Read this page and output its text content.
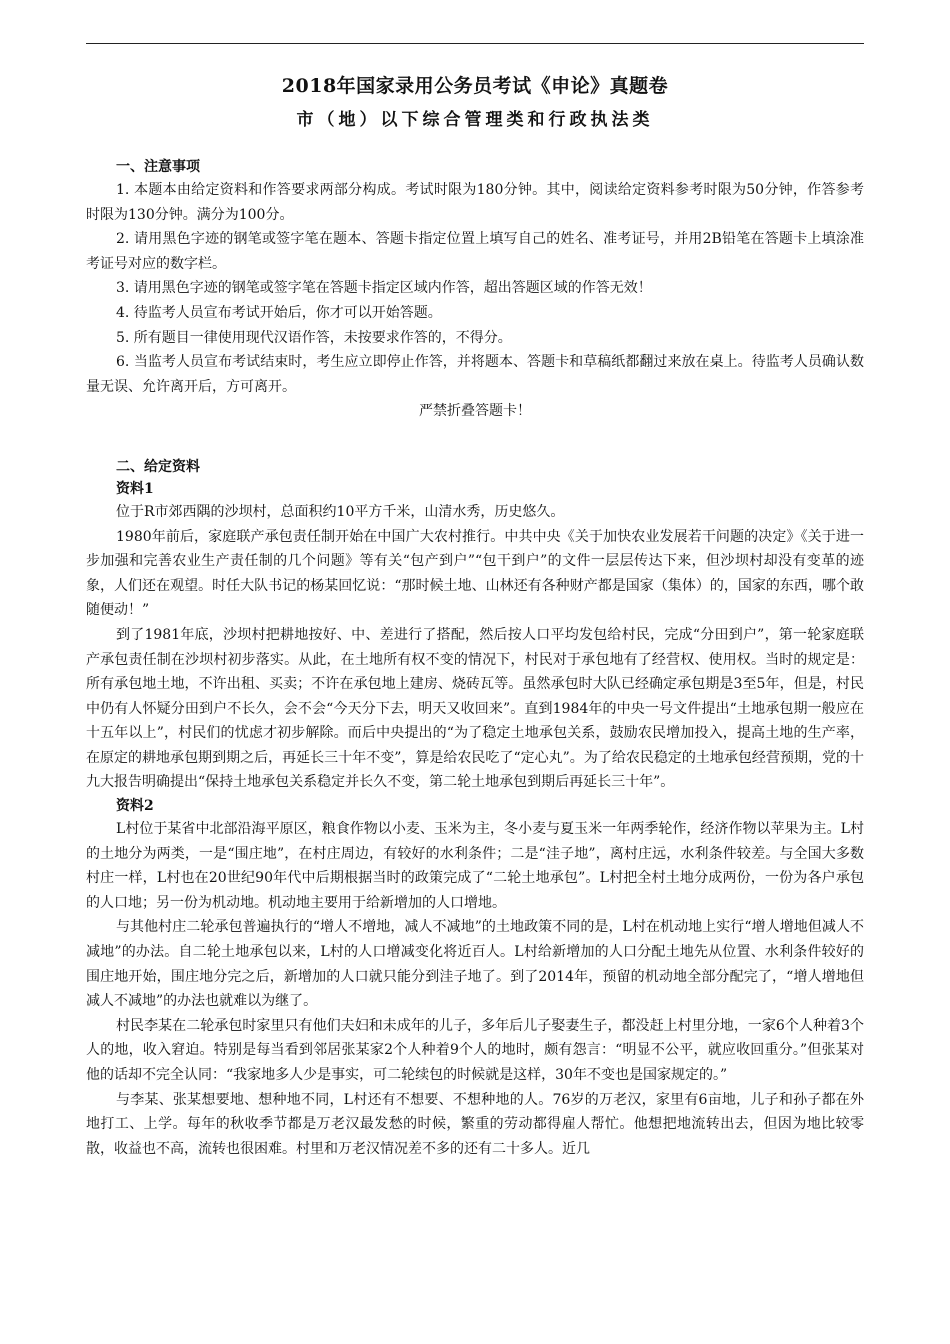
2018年国家录用公务员考试《申论》真题卷
市（地）以下综合管理类和行政执法类
一、注意事项

1. 本题本由给定资料和作答要求两部分构成。考试时限为180分钟。其中，阅读给定资料参考时限为50分钟，作答参考时限为130分钟。满分为100分。

2. 请用黑色字迹的钢笔或签字笔在题本、答题卡指定位置上填写自己的姓名、准考证号，并用2B铅笔在答题卡上填涂准考证号对应的数字栏。

3. 请用黑色字迹的钢笔或签字笔在答题卡指定区域内作答，超出答题区域的作答无效！

4. 待监考人员宣布考试开始后，你才可以开始答题。

5. 所有题目一律使用现代汉语作答，未按要求作答的，不得分。

6. 当监考人员宣布考试结束时，考生应立即停止作答，并将题本、答题卡和草稿纸都翻过来放在桌上。待监考人员确认数量无误、允许离开后，方可离开。

严禁折叠答题卡！

二、给定资料
资料1

位于R市郊西隅的沙坝村，总面积约10平方千米，山清水秀，历史悠久。

1980年前后，家庭联产承包责任制开始在中国广大农村推行。中共中央《关于加快农业发展若干问题的决定》《关于进一步加强和完善农业生产责任制的几个问题》等有关“包产到户”“包干到户”的文件一层层传达下来，但沙坝村却没有变革的迹象，人们还在观望。时任大队书记的杨某回忆说：“那时候土地、山林还有各种财产都是国家（集体）的，国家的东西，哪个敢随便动！”

到了1981年底，沙坝村把耕地按好、中、差进行了搭配，然后按人口平均发包给村民，完成“分田到户”，第一轮家庭联产承包责任制在沙坝村初步落实。从此，在土地所有权不变的情况下，村民对于承包地有了经营权、使用权。当时的规定是：所有承包地土地，不许出租、买卖；不许在承包地上建房、烧砖瓦等。虽然承包时大队已经确定承包期是3至5年，但是，村民中仍有人怀疑分田到户不长久，会不会“今天分下去，明天又收回来”。直到1984年的中央一号文件提出“土地承包期一般应在十五年以上”，村民们的忧虑才初步解除。而后中央提出的“为了稳定土地承包关系，鼓励农民增加投入，提高土地的生产率，在原定的耕地承包期到期之后，再延长三十年不变”，算是给农民吃了“定心丸”。为了给农民稳定的土地承包经营预期，党的十九大报告明确提出“保持土地承包关系稳定并长久不变，第二轮土地承包到期后再延长三十年”。

资料2

L村位于某省中北部沿海平原区，粮食作物以小麦、玉米为主，冬小麦与夏玉米一年两季轮作，经济作物以苹果为主。L村的土地分为两类，一是“围庄地”，在村庄周边，有较好的水利条件；二是“洼子地”，离村庄远，水利条件较差。与全国大多数村庄一样，L村也在20世纪90年代中后期根据当时的政策完成了“二轮土地承包”。L村把全村土地分成两份，一份为各户承包的人口地；另一份为机动地。机动地主要用于给新增加的人口增地。

与其他村庄二轮承包普遍执行的“增人不增地，减人不减地”的土地政策不同的是，L村在机动地上实行“增人增地但减人不减地”的办法。自二轮土地承包以来，L村的人口增减变化将近百人。L村给新增加的人口分配土地先从位置、水利条件较好的围庄地开始，围庄地分完之后，新增加的人口就只能分到洼子地了。到了2014年，预留的机动地全部分配完了，“增人增地但减人不减地”的办法也就难以为继了。

村民李某在二轮承包时家里只有他们夫妇和未成年的儿子，多年后儿子娶妻生子，都没赶上村里分地，一家6个人种着3个人的地，收入窘迫。特别是每当看到邻居张某家2个人种着9个人的地时，颇有怨言：“明显不公平，就应收回重分。”但张某对他的话却不完全认同：“我家地多人少是事实，可二轮续包的时候就是这样，30年不变也是国家规定的。”

与李某、张某想要地、想种地不同，L村还有不想要、不想种地的人。76岁的万老汉，家里有6亩地，儿子和孙子都在外地打工、上学。每年的秋收季节都是万老汉最发愁的时候，繁重的劳动都得雇人帮忙。他想把地流转出去，但因为地比较零散，收益也不高，流转也很困难。村里和万老汉情况差不多的还有二十多人。近几
